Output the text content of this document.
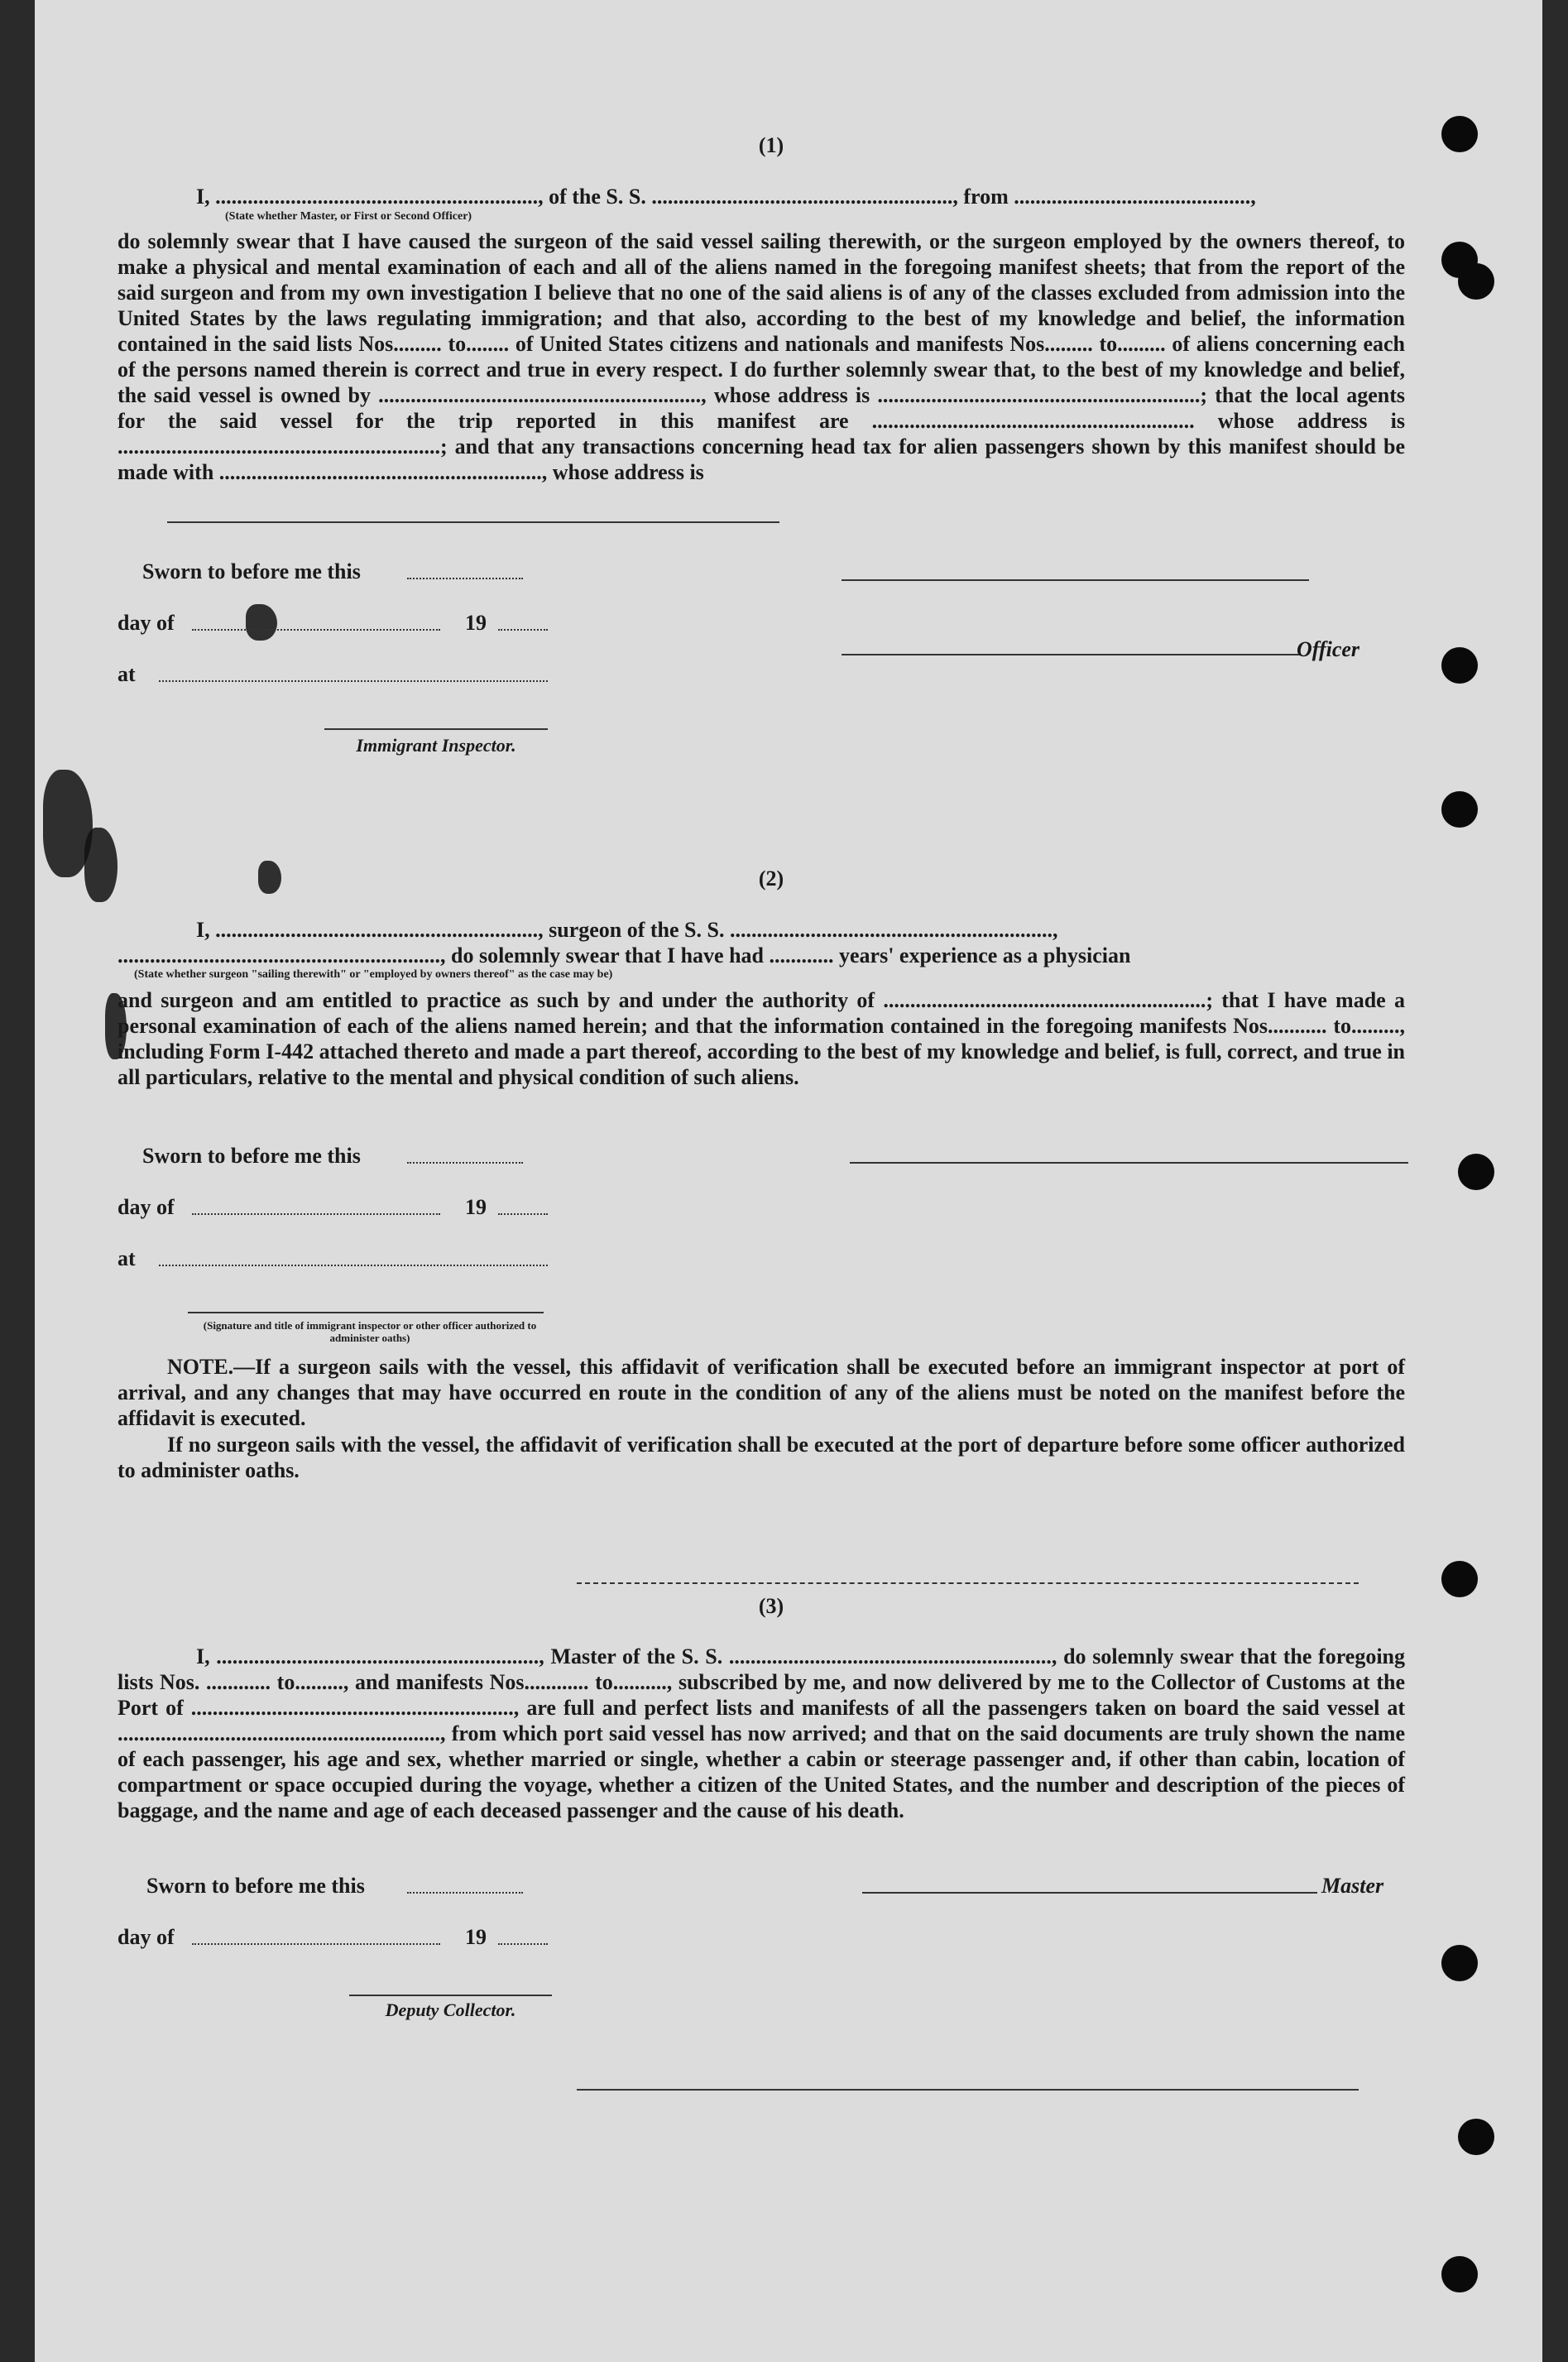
(1)
I, ............................................................, of the S. S. ........................................................, from ............................................,
(State whether Master, or First or Second Officer)
do solemnly swear that I have caused the surgeon of the said vessel sailing therewith, or the surgeon employed by the owners thereof, to make a physical and mental examination of each and all of the aliens named in the foregoing manifest sheets; that from the report of the said surgeon and from my own investigation I believe that no one of the said aliens is of any of the classes excluded from admission into the United States by the laws regulating immigration; and that also, according to the best of my knowledge and belief, the information contained in the said lists Nos......... to........ of United States citizens and nationals and manifests Nos......... to......... of aliens concerning each of the persons named therein is correct and true in every respect. I do further solemnly swear that, to the best of my knowledge and belief, the said vessel is owned by ............................................................, whose address is ............................................................; that the local agents for the said vessel for the trip reported in this manifest are ............................................................ whose address is ............................................................; and that any transactions concerning head tax for alien passengers shown by this manifest should be made with ............................................................, whose address is
Sworn to before me this
day of	19
Officer
at
Immigrant Inspector.
(2)
I, ............................................................, surgeon of the S. S. ............................................................,
............................................................, do solemnly swear that I have had ............ years' experience as a physician
(State whether surgeon "sailing therewith" or "employed by owners thereof" as the case may be)
and surgeon and am entitled to practice as such by and under the authority of ............................................................; that I have made a personal examination of each of the aliens named herein; and that the information contained in the foregoing manifests Nos........... to........., including Form I-442 attached thereto and made a part thereof, according to the best of my knowledge and belief, is full, correct, and true in all particulars, relative to the mental and physical condition of such aliens.
Sworn to before me this
day of	19
at
(Signature and title of immigrant inspector or other officer authorized to administer oaths)
NOTE.—If a surgeon sails with the vessel, this affidavit of verification shall be executed before an immigrant inspector at port of arrival, and any changes that may have occurred en route in the condition of any of the aliens must be noted on the manifest before the affidavit is executed.
If no surgeon sails with the vessel, the affidavit of verification shall be executed at the port of departure before some officer authorized to administer oaths.
(3)
I, ............................................................, Master of the S. S. ............................................................, do solemnly swear that the foregoing lists Nos. ............ to........., and manifests Nos............ to.........., subscribed by me, and now delivered by me to the Collector of Customs at the Port of ............................................................, are full and perfect lists and manifests of all the passengers taken on board the said vessel at ............................................................, from which port said vessel has now arrived; and that on the said documents are truly shown the name of each passenger, his age and sex, whether married or single, whether a cabin or steerage passenger and, if other than cabin, location of compartment or space occupied during the voyage, whether a citizen of the United States, and the number and description of the pieces of baggage, and the name and age of each deceased passenger and the cause of his death.
Sworn to before me this	Master
day of	19
Deputy Collector.
